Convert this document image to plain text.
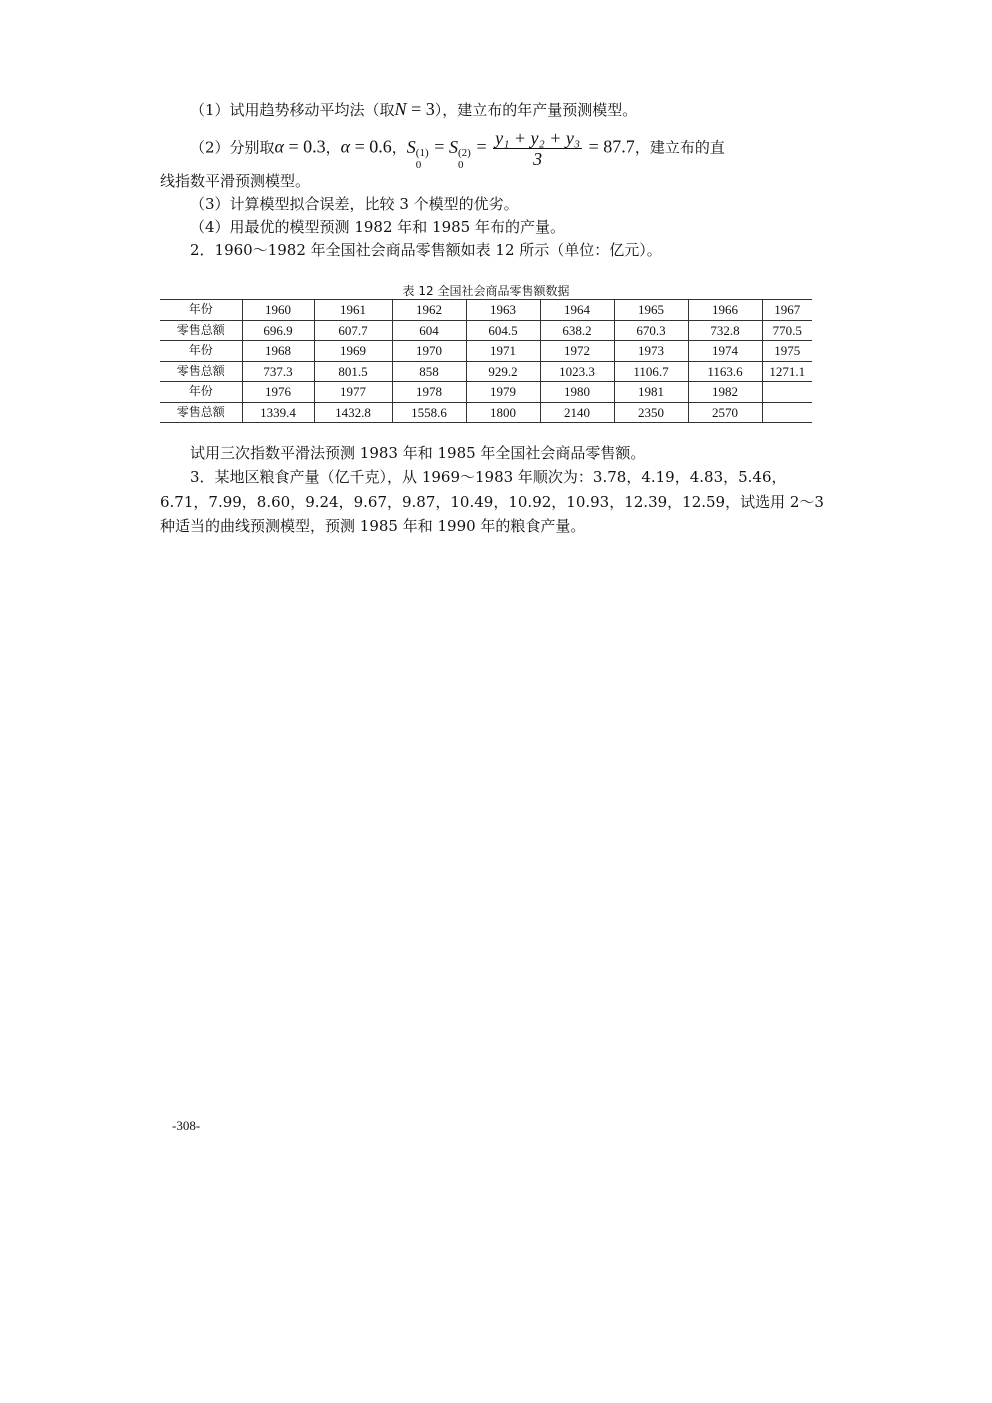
（1）试用趋势移动平均法（取N = 3），建立布的年产量预测模型。
（2）分别取α = 0.3，α = 0.6，S (1)
0
= S (2)
0
= $\frac{\text{y₁ + y₂ + y₃}}{3} = 87.7$，建立布的直
线指数平滑预测模型。
（3）计算模型拟合误差，比较 3 个模型的优劣。
（4）用最优的模型预测 1982 年和 1985 年布的产量。
2．1960～1982 年全国社会商品零售额如表 12 所示（单位：亿元）。
表 12 全国社会商品零售额数据
年份	1960	1961	1962	1963	1964	1965	1966	1967
零售总额	696.9	607.7	604	604.5	638.2	670.3	732.8	770.5
年份	1968	1969	1970	1971	1972	1973	1974	1975
零售总额	737.3	801.5	858	929.2	1023.3	1106.7	1163.6	1271.1
年份	1976	1977	1978	1979	1980	1981	1982	
零售总额	1339.4	1432.8	1558.6	1800	2140	2350	2570	
试用三次指数平滑法预测 1983 年和 1985 年全国社会商品零售额。
3．某地区粮食产量（亿千克），从 1969～1983 年顺次为：3.78，4.19，4.83，5.46，
6.71，7.99，8.60，9.24，9.67，9.87，10.49，10.92，10.93，12.39，12.59，试选用 2～3
种适当的曲线预测模型，预测 1985 年和 1990 年的粮食产量。
-308-
